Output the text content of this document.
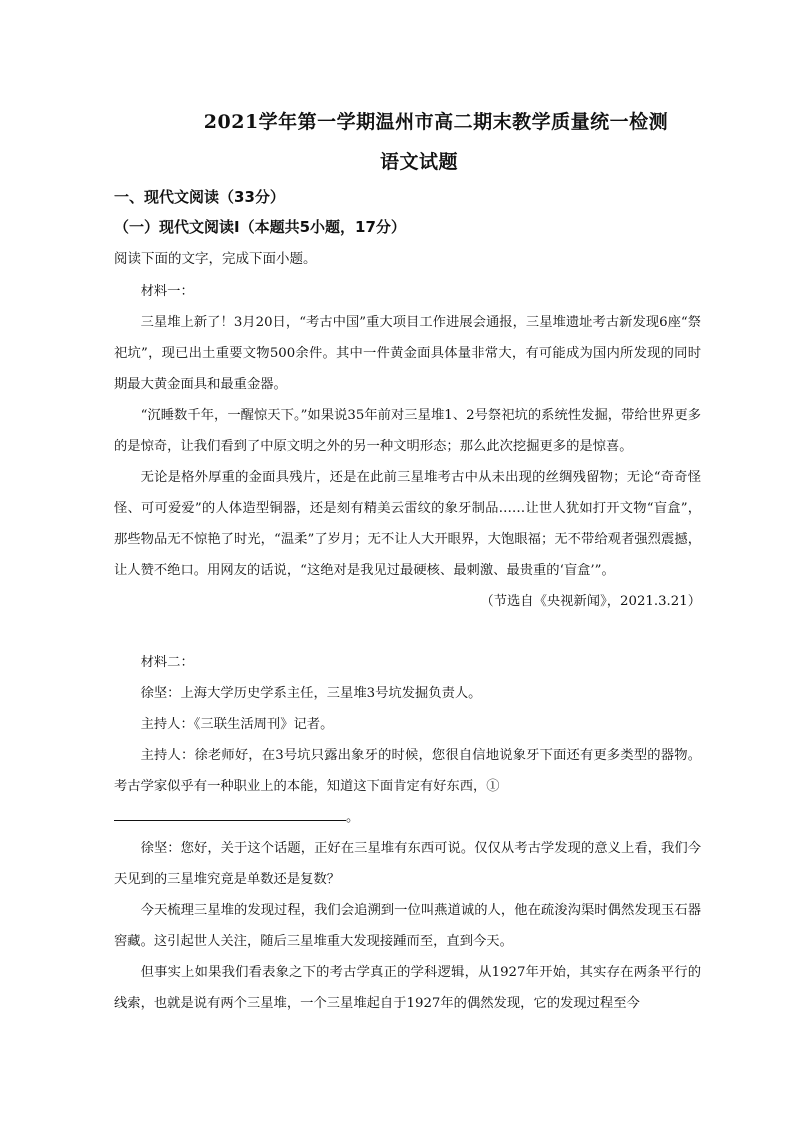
2021学年第一学期温州市高二期末教学质量统一检测
语文试题
一、现代文阅读（33分）
（一）现代文阅读Ⅰ（本题共5小题，17分）
阅读下面的文字，完成下面小题。

材料一：

三星堆上新了！3月20日，“考古中国”重大项目工作进展会通报，三星堆遗址考古新发现6座“祭祀坑”，现已出土重要文物500余件。其中一件黄金面具体量非常大，有可能成为国内所发现的同时期最大黄金面具和最重金器。

“沉睡数千年，一醒惊天下。”如果说35年前对三星堆1、2号祭祀坑的系统性发掘，带给世界更多的是惊奇，让我们看到了中原文明之外的另一种文明形态；那么此次挖掘更多的是惊喜。

无论是格外厚重的金面具残片，还是在此前三星堆考古中从未出现的丝绸残留物；无论“奇奇怪怪、可可爱爱”的人体造型铜器，还是刻有精美云雷纹的象牙制品……让世人犹如打开文物“盲盒”，那些物品无不惊艳了时光，“温柔”了岁月；无不让人大开眼界，大饱眼福；无不带给观者强烈震撼，让人赞不绝口。用网友的话说，“这绝对是我见过最硬核、最刺激、最贵重的‘盲盒’”。

（节选自《央视新闻》，2021.3.21）

材料二：

徐坚：上海大学历史学系主任，三星堆3号坑发掘负责人。

主持人：《三联生活周刊》记者。

主持人：徐老师好，在3号坑只露出象牙的时候，您很自信地说象牙下面还有更多类型的器物。考古学家似乎有一种职业上的本能，知道这下面肯定有好东西，①

。

徐坚：您好，关于这个话题，正好在三星堆有东西可说。仅仅从考古学发现的意义上看，我们今天见到的三星堆究竟是单数还是复数？

今天梳理三星堆的发现过程，我们会追溯到一位叫燕道诚的人，他在疏浚沟渠时偶然发现玉石器窖藏。这引起世人关注，随后三星堆重大发现接踵而至，直到今天。

但事实上如果我们看表象之下的考古学真正的学科逻辑，从1927年开始，其实存在两条平行的线索，也就是说有两个三星堆，一个三星堆起自于1927年的偶然发现，它的发现过程至今
